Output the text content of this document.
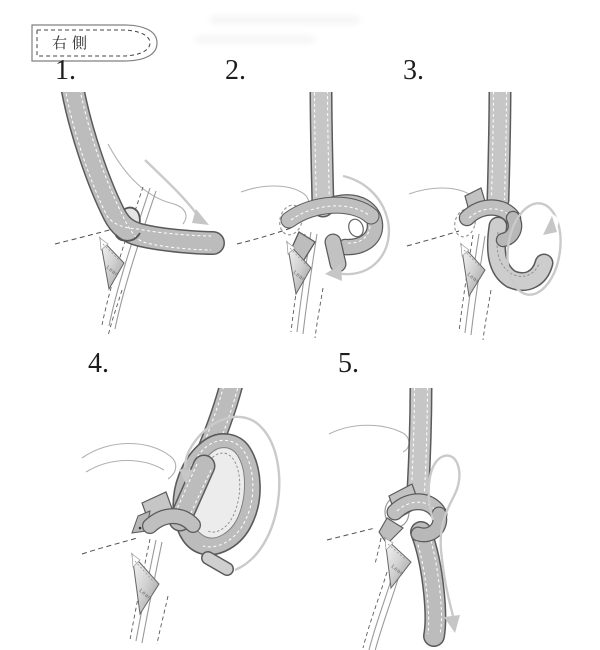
右側
1.	2.	3.
4.	5.
Lean	Lean	Lean
Lean
Lean
